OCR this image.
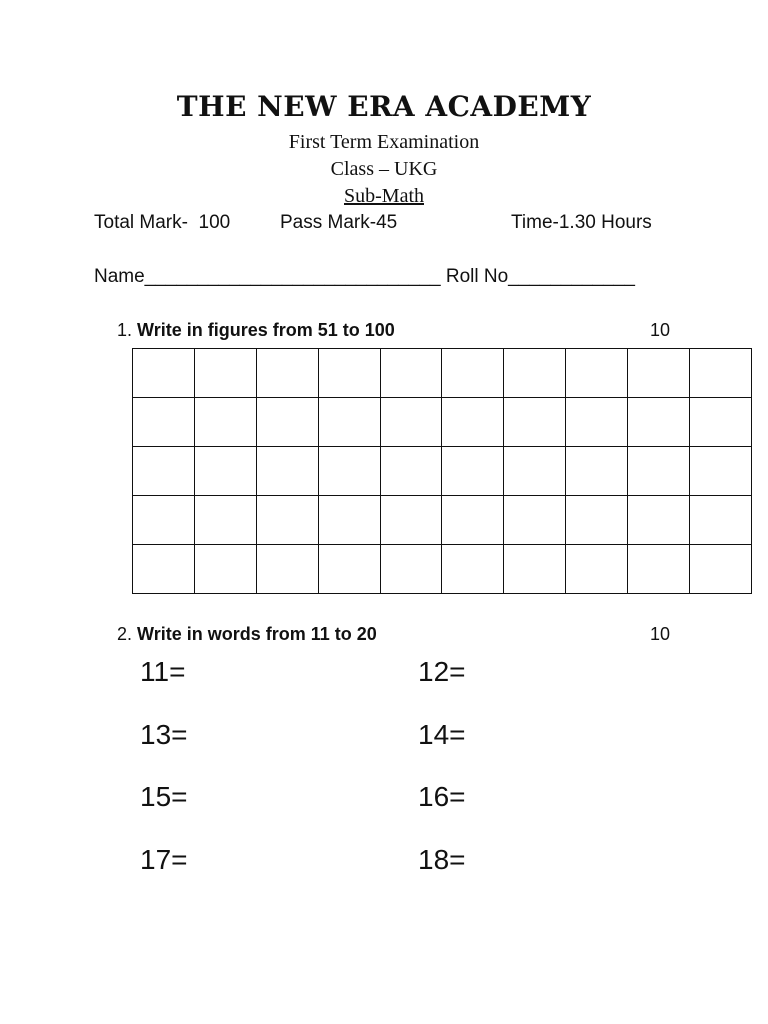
THE NEW ERA ACADEMY
First Term Examination
Class – UKG
Sub-Math
Total Mark-  100	Pass Mark-45	Time-1.30 Hours
Name____________________________ Roll No____________
1. Write in figures from 51 to 100	10

2. Write in words from 11 to 20	10
11=	12=
13=	14=
15=	16=
17=	18=
